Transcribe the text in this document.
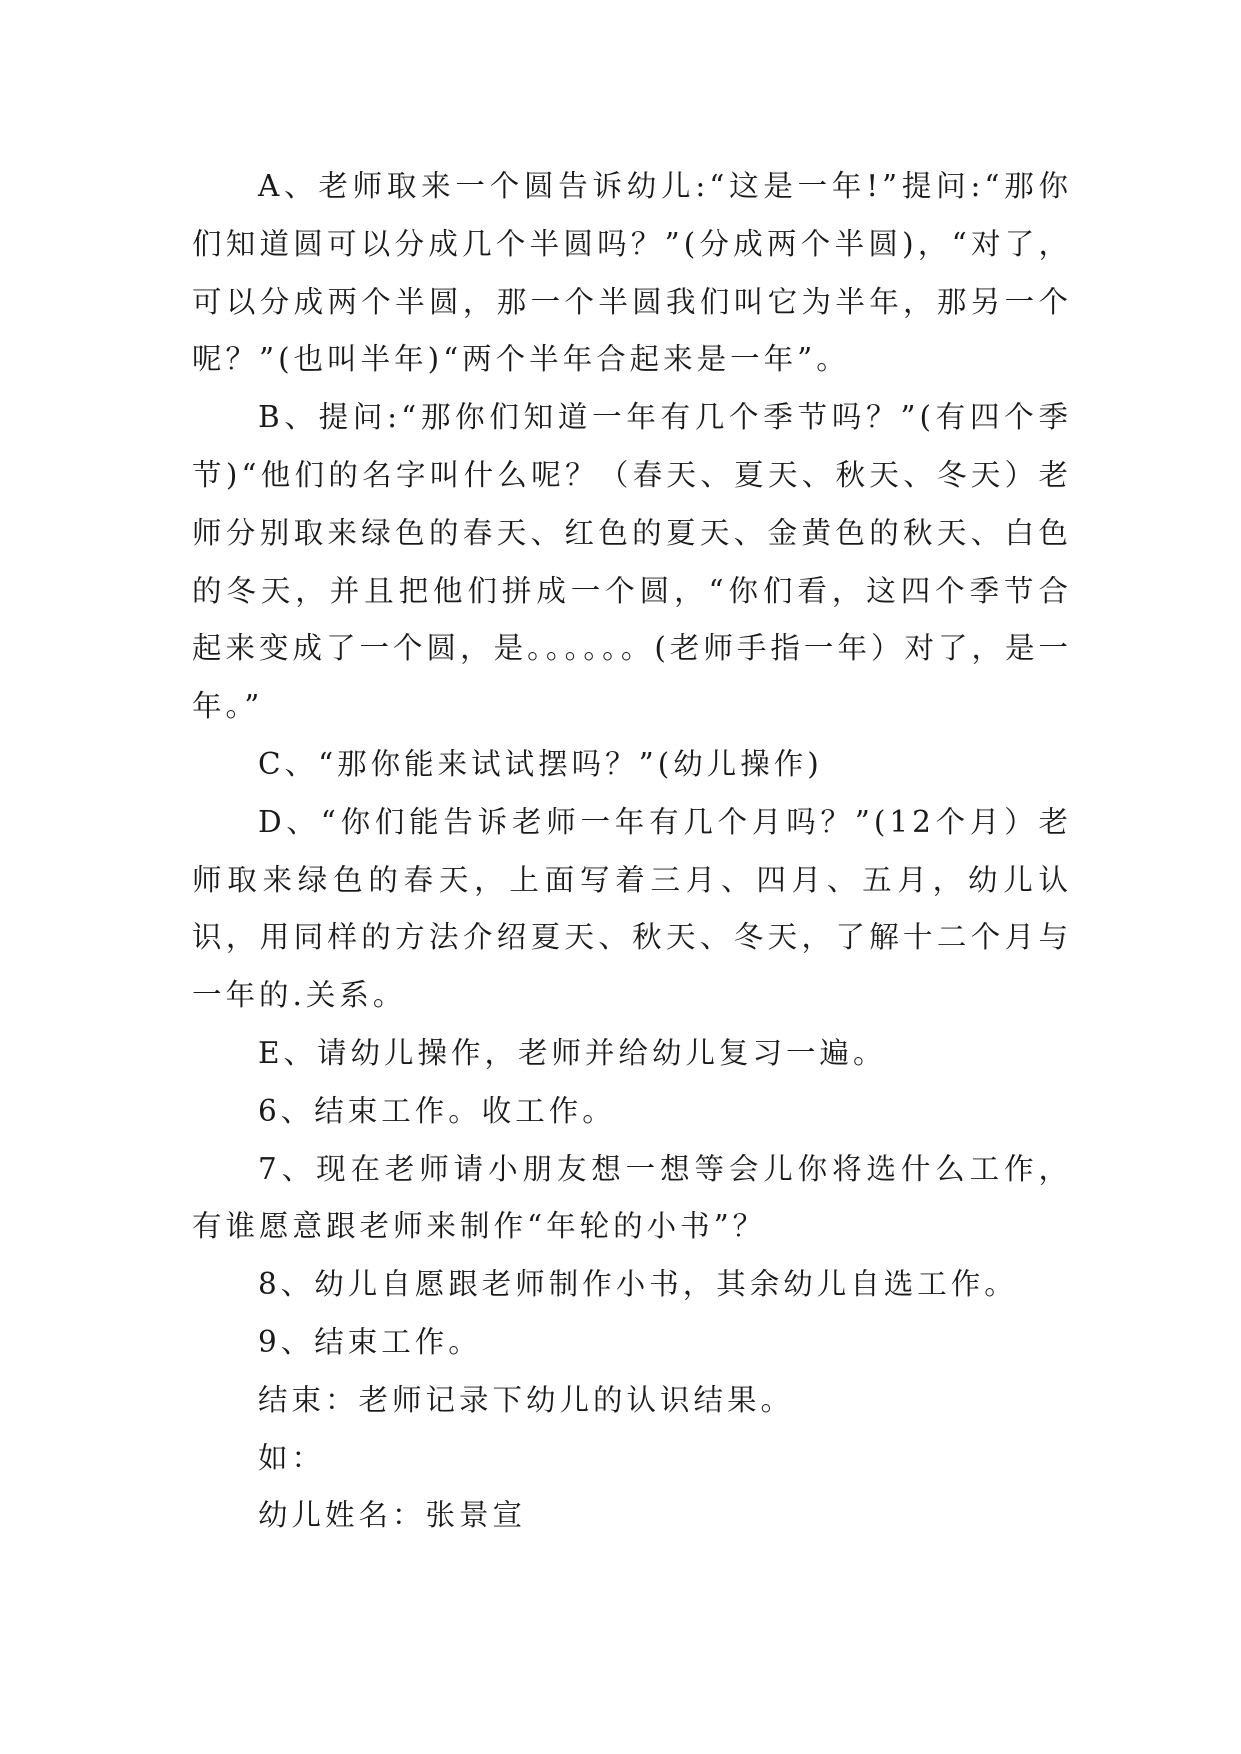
A、老师取来一个圆告诉幼儿:“这是一年!”提问:“那你们知道圆可以分成几个半圆吗？”(分成两个半圆)，“对了，可以分成两个半圆，那一个半圆我们叫它为半年，那另一个呢？”(也叫半年)“两个半年合起来是一年”。

B、提问:“那你们知道一年有几个季节吗？”(有四个季节)“他们的名字叫什么呢？（春天、夏天、秋天、冬天）老师分别取来绿色的春天、红色的夏天、金黄色的秋天、白色的冬天，并且把他们拼成一个圆，“你们看，这四个季节合起来变成了一个圆，是。。。。。。(老师手指一年）对了，是一年。”

C、“那你能来试试摆吗？”(幼儿操作)

D、“你们能告诉老师一年有几个月吗？”(12个月）老师取来绿色的春天，上面写着三月、四月、五月，幼儿认识，用同样的方法介绍夏天、秋天、冬天，了解十二个月与一年的.关系。

E、请幼儿操作，老师并给幼儿复习一遍。

6、结束工作。收工作。

7、现在老师请小朋友想一想等会儿你将选什么工作，有谁愿意跟老师来制作“年轮的小书”？

8、幼儿自愿跟老师制作小书，其余幼儿自选工作。

9、结束工作。

结束：老师记录下幼儿的认识结果。

如：

幼儿姓名：张景宣
